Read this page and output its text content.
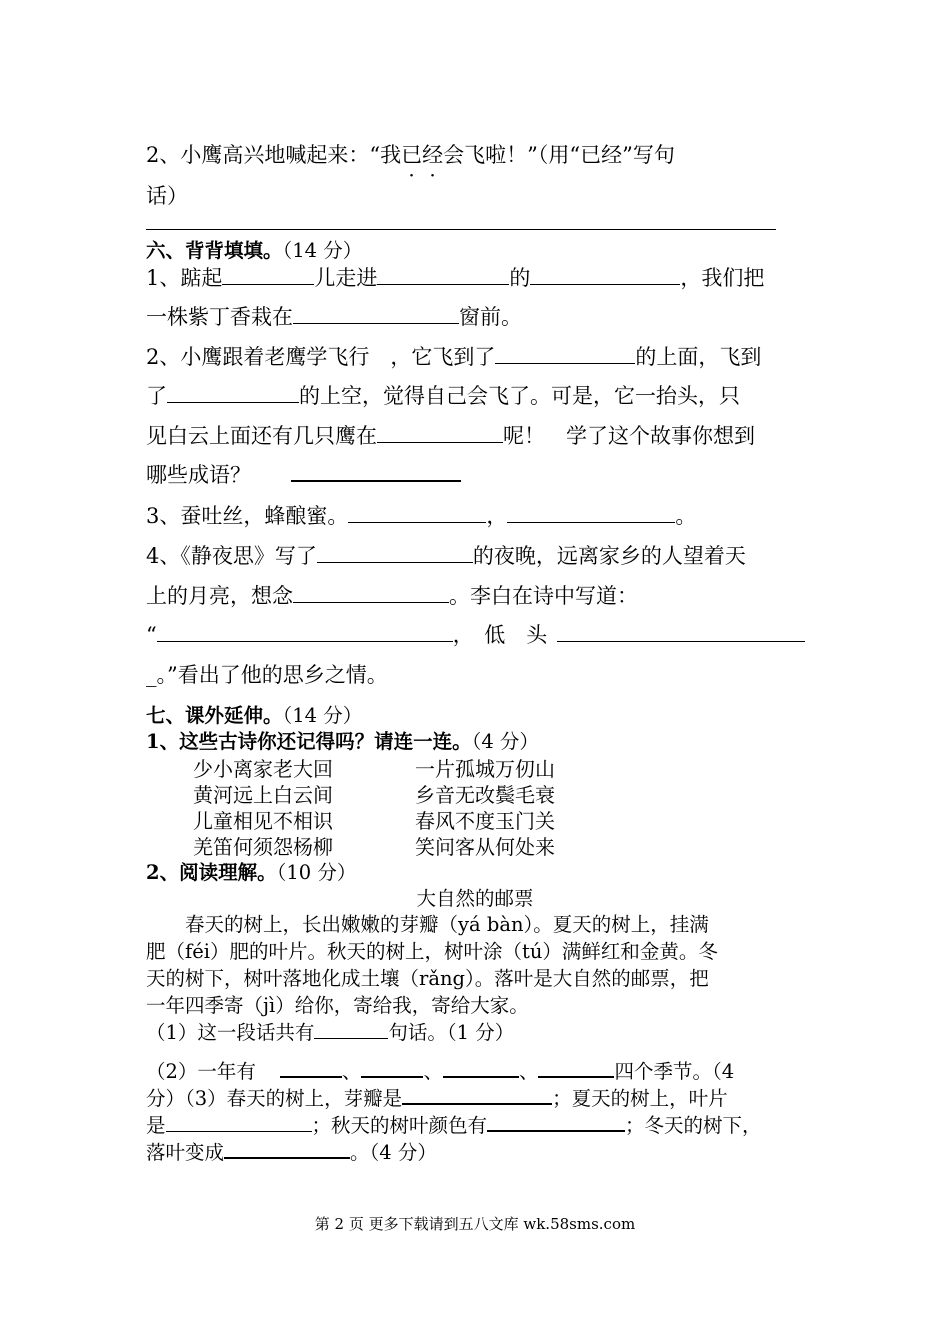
2、小鹰高兴地喊起来：“我已经会飞啦！”（用“已经”写句
话）
六、背背填填。（14 分）
1、踮起	儿走进	的	，我们把
一株紫丁香栽在	窗前。
2、小鹰跟着老鹰学飞行　，它飞到了	的上面，飞到
了	的上空，觉得自己会飞了。可是，它一抬头，只
见白云上面还有几只鹰在	呢！　学了这个故事你想到
哪些成语？
3、蚕吐丝，蜂酿蜜。	，	。
4、《静夜思》写了	的夜晚，远离家乡的人望着天
上的月亮，想念	。李白在诗中写道：
“	，　低　头
_。”看出了他的思乡之情。
七、课外延伸。（14 分）
1、这些古诗你还记得吗？请连一连。（4 分）
少小离家老大回
黄河远上白云间
儿童相见不相识
羌笛何须怨杨柳
一片孤城万仞山
乡音无改鬓毛衰
春风不度玉门关
笑问客从何处来
2、阅读理解。（10 分）
大自然的邮票
　　春天的树上，长出嫩嫩的芽瓣（yá bàn）。夏天的树上，挂满
肥（féi）肥的叶片。秋天的树上，树叶涂（tú）满鲜红和金黄。冬
天的树下，树叶落地化成土壤（rǎng）。落叶是大自然的邮票，把
一年四季寄（jì）给你，寄给我，寄给大家。
（1）这一段话共有	句话。（1 分）
（2）一年有	、	、	、	四个季节。（4
分）（3）春天的树上，芽瓣是	；夏天的树上，叶片
是	；秋天的树叶颜色有	；冬天的树下，
落叶变成	。（4 分）
第 2 页 更多下载请到五八文库 wk.58sms.com
